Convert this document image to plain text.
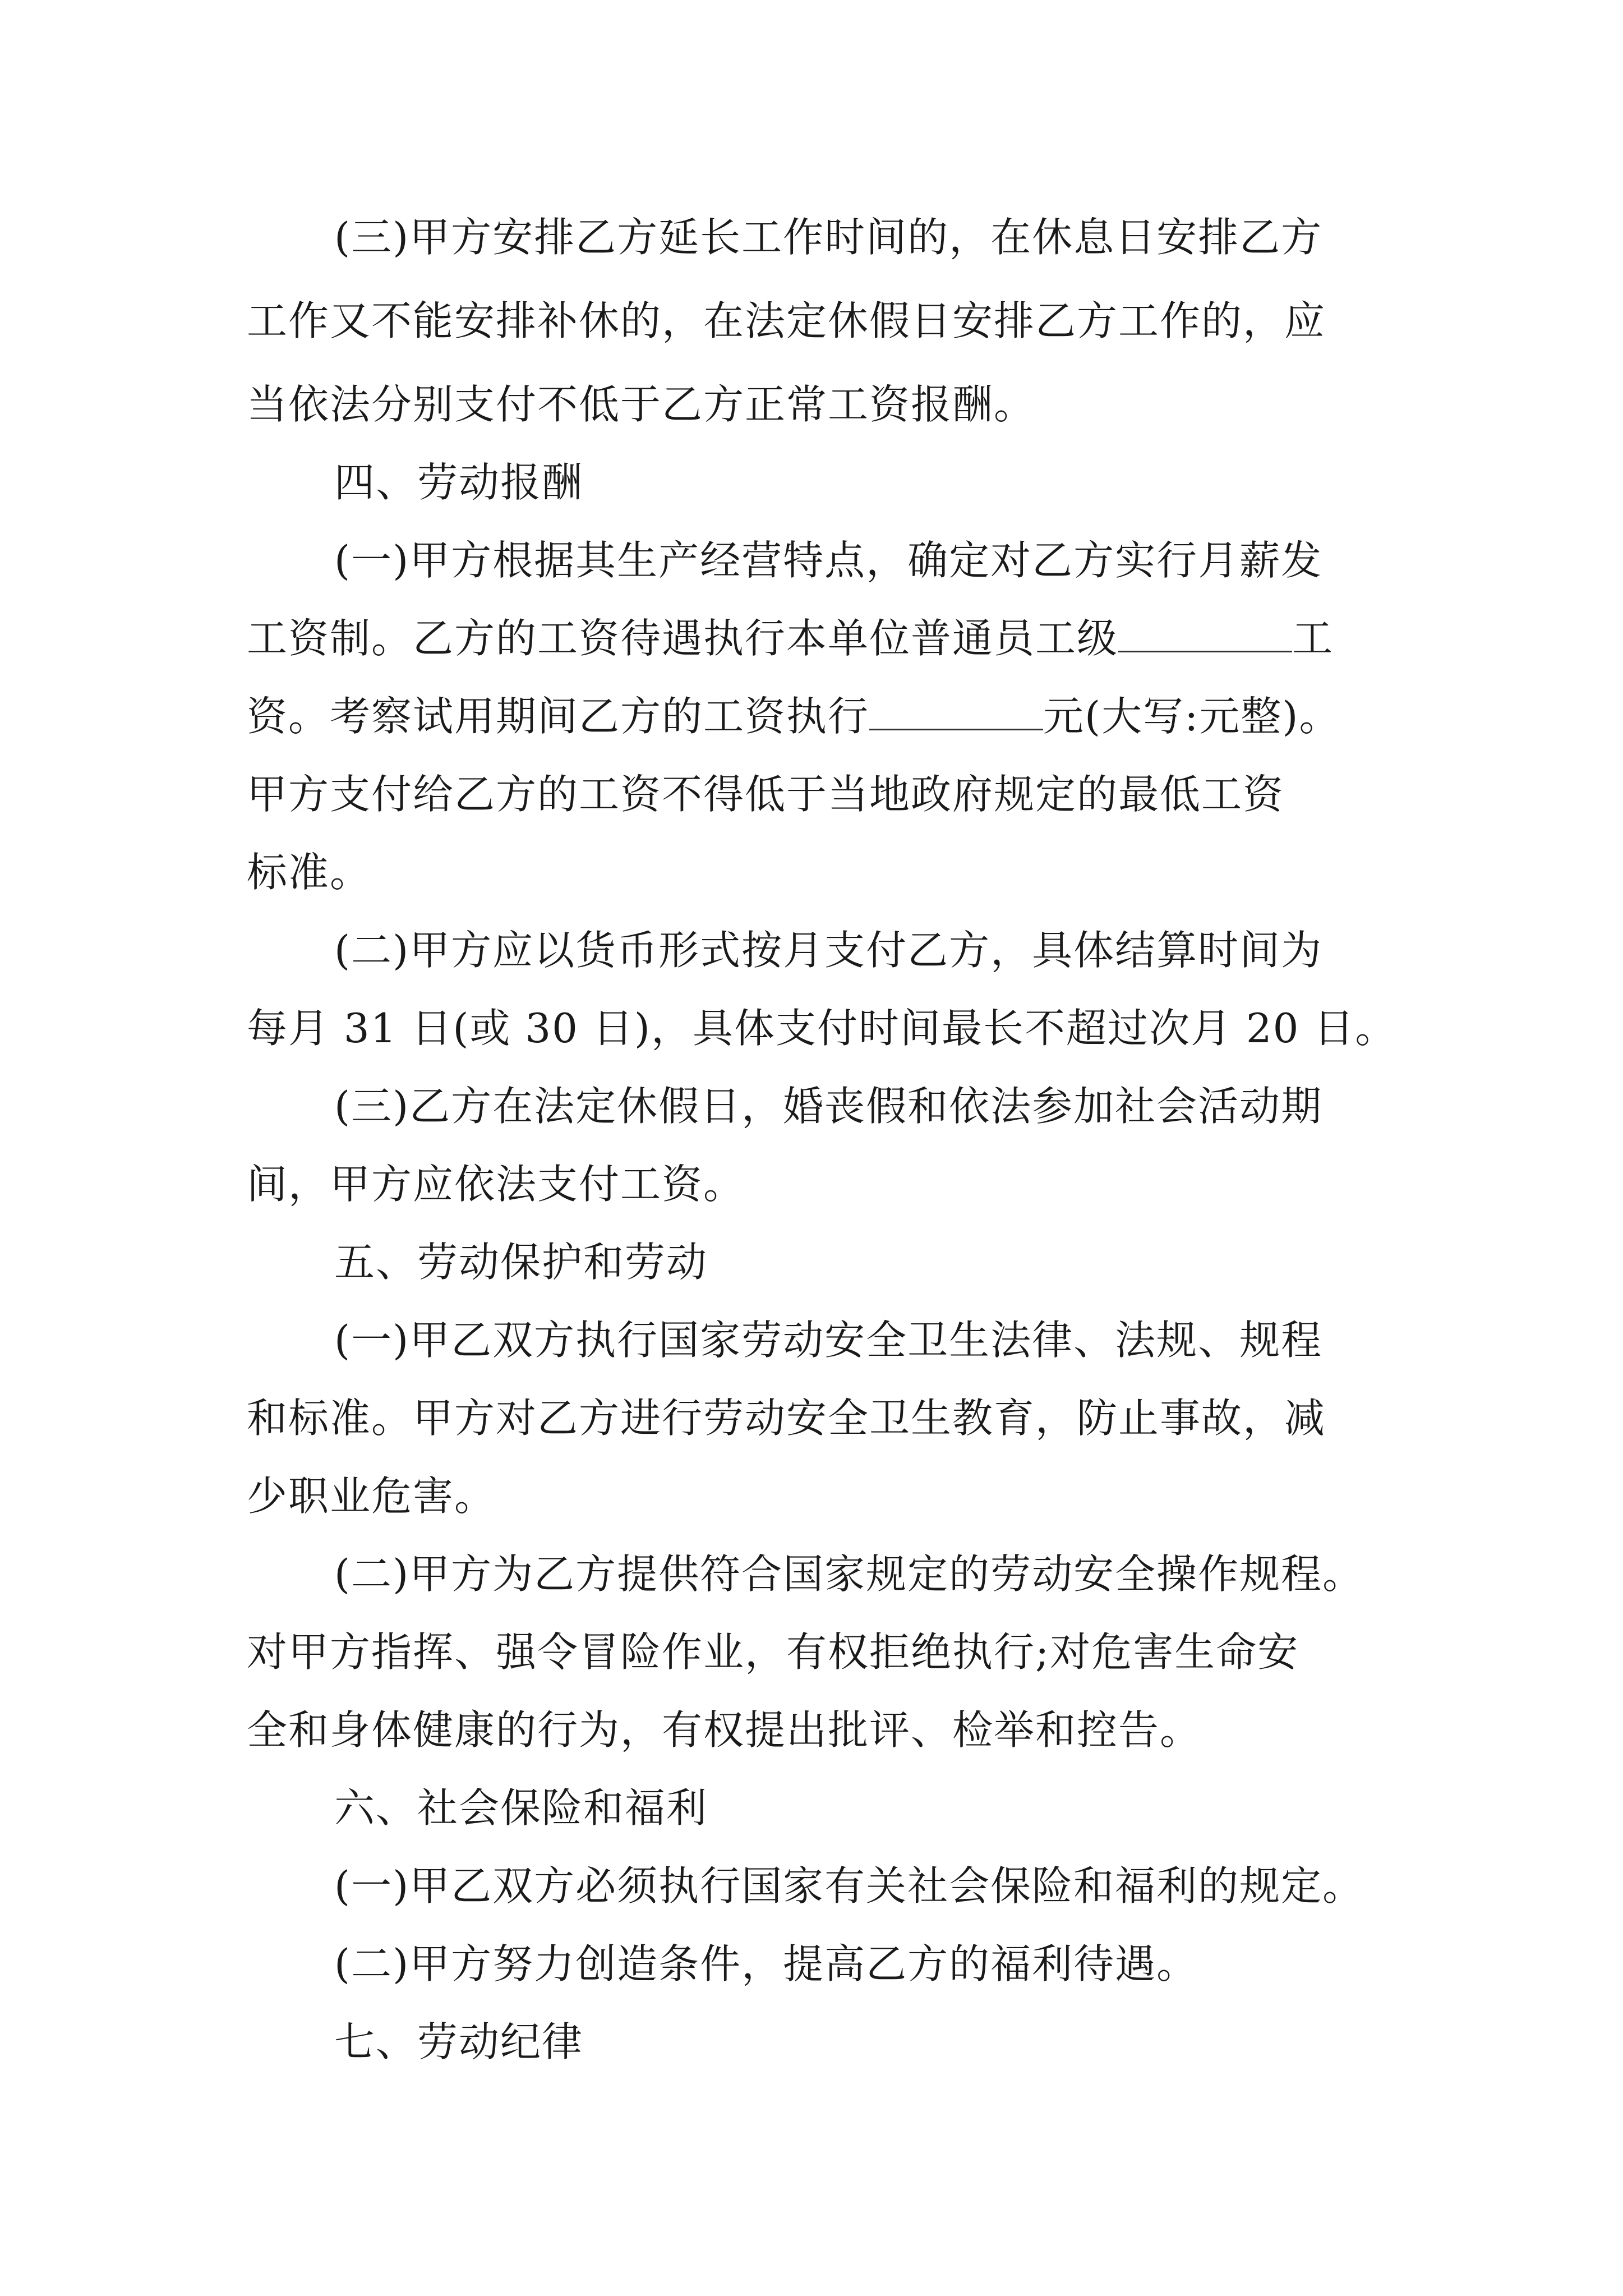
(三)甲方安排乙方延长工作时间的，在休息日安排乙方
工作又不能安排补休的，在法定休假日安排乙方工作的，应
当依法分别支付不低于乙方正常工资报酬。
四、劳动报酬
(一)甲方根据其生产经营特点，确定对乙方实行月薪发
工资制。乙方的工资待遇执行本单位普通员工级	工
资。考察试用期间乙方的工资执行	元(大写:元整)。
甲方支付给乙方的工资不得低于当地政府规定的最低工资
标准。
(二)甲方应以货币形式按月支付乙方，具体结算时间为
每月 31 日(或 30 日)，具体支付时间最长不超过次月 20 日。
(三)乙方在法定休假日，婚丧假和依法参加社会活动期
间，甲方应依法支付工资。
五、劳动保护和劳动
(一)甲乙双方执行国家劳动安全卫生法律、法规、规程
和标准。甲方对乙方进行劳动安全卫生教育，防止事故，减
少职业危害。
(二)甲方为乙方提供符合国家规定的劳动安全操作规程。
对甲方指挥、强令冒险作业，有权拒绝执行;对危害生命安
全和身体健康的行为，有权提出批评、检举和控告。
六、社会保险和福利
(一)甲乙双方必须执行国家有关社会保险和福利的规定。
(二)甲方努力创造条件，提高乙方的福利待遇。
七、劳动纪律
